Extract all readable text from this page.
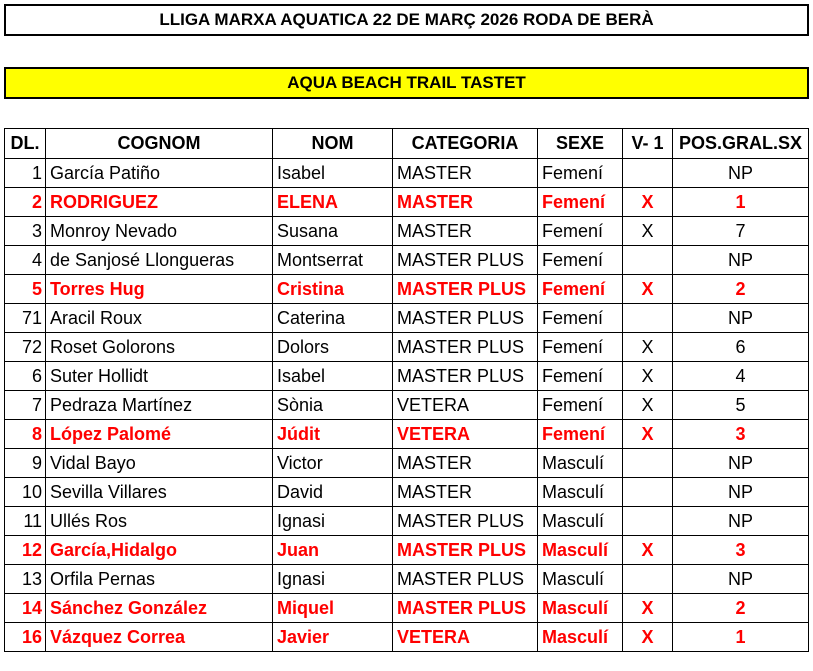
LLIGA MARXA AQUATICA 22 DE MARÇ 2026 RODA DE BERÀ
AQUA BEACH TRAIL TASTET
DL.	COGNOM	NOM	CATEGORIA	SEXE	V- 1	POS.GRAL.SX
1	García Patiño	Isabel	MASTER	Femení		NP
2	RODRIGUEZ	ELENA	MASTER	Femení	X	1
3	Monroy Nevado	Susana	MASTER	Femení	X	7
4	de Sanjosé Llongueras	Montserrat	MASTER PLUS	Femení		NP
5	Torres Hug	Cristina	MASTER PLUS	Femení	X	2
71	Aracil Roux	Caterina	MASTER PLUS	Femení		NP
72	Roset Golorons	Dolors	MASTER PLUS	Femení	X	6
6	Suter Hollidt	Isabel	MASTER PLUS	Femení	X	4
7	Pedraza Martínez	Sònia	VETERA	Femení	X	5
8	López Palomé	Júdit	VETERA	Femení	X	3
9	Vidal Bayo	Victor	MASTER	Masculí		NP
10	Sevilla Villares	David	MASTER	Masculí		NP
11	Ullés Ros	Ignasi	MASTER PLUS	Masculí		NP
12	García,Hidalgo	Juan	MASTER PLUS	Masculí	X	3
13	Orfila Pernas	Ignasi	MASTER PLUS	Masculí		NP
14	Sánchez González	Miquel	MASTER PLUS	Masculí	X	2
16	Vázquez Correa	Javier	VETERA	Masculí	X	1
